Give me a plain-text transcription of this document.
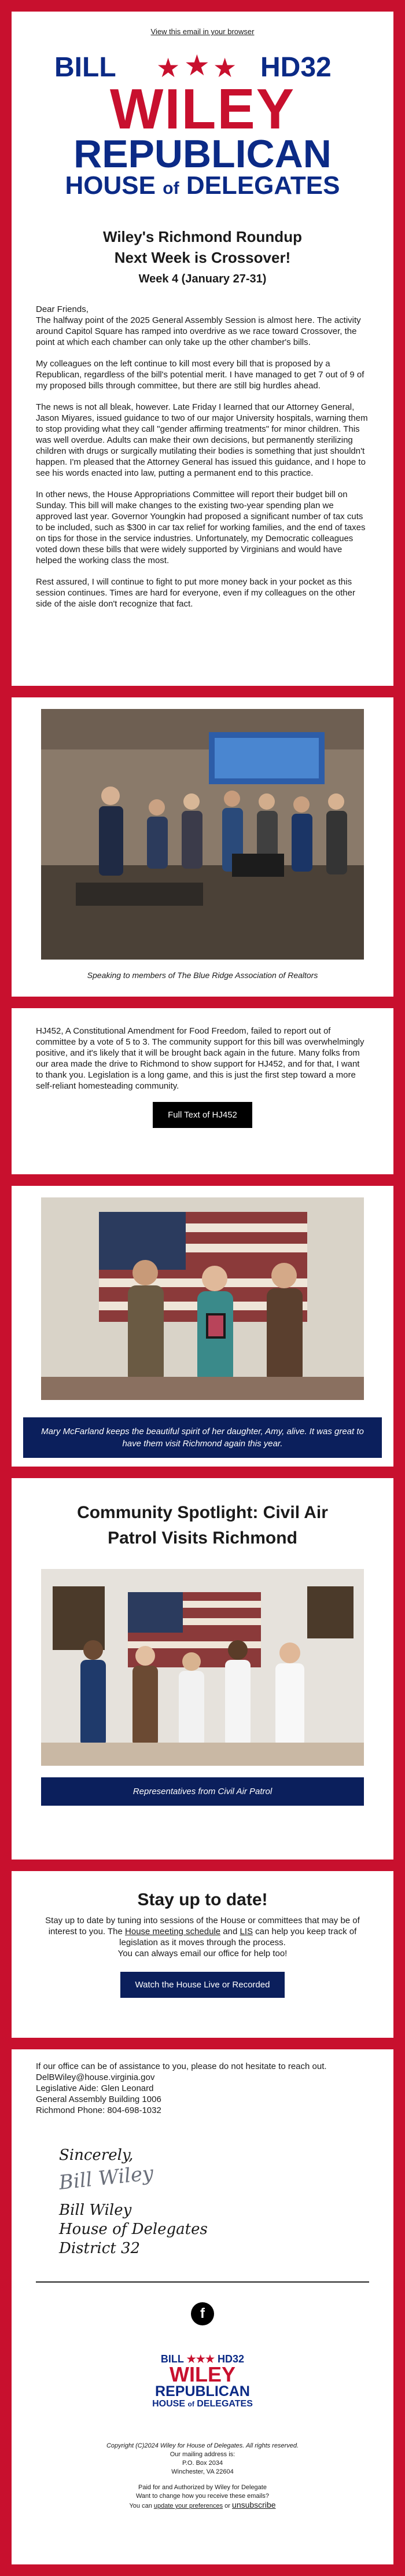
View this email in your browser
BILL ★ ★ ★ HD32
WILEY
REPUBLICAN
HOUSE of DELEGATES
Wiley's Richmond Roundup
Next Week is Crossover!
Week 4 (January 27-31)

Dear Friends,

The halfway point of the 2025 General Assembly Session is almost here. The activity around Capitol Square has ramped into overdrive as we race toward Crossover, the point at which each chamber can only take up the other chamber's bills.

My colleagues on the left continue to kill most every bill that is proposed by a Republican, regardless of the bill's potential merit. I have managed to get 7 out of 9 of my proposed bills through committee, but there are still big hurdles ahead.

The news is not all bleak, however. Late Friday I learned that our Attorney General, Jason Miyares, issued guidance to two of our major University hospitals, warning them to stop providing what they call "gender affirming treatments" for minor children. This was well overdue. Adults can make their own decisions, but permanently sterilizing children with drugs or surgically mutilating their bodies is something that just shouldn't happen. I'm pleased that the Attorney General has issued this guidance, and I hope to see his words enacted into law, putting a permanent end to this practice.

In other news, the House Appropriations Committee will report their budget bill on Sunday. This bill will make changes to the existing two-year spending plan we approved last year. Governor Youngkin had proposed a significant number of tax cuts to be included, such as $300 in car tax relief for working families, and the end of taxes on tips for those in the service industries. Unfortunately, my Democratic colleagues voted down these bills that were widely supported by Virginians and would have helped the working class the most.

Rest assured, I will continue to fight to put more money back in your pocket as this session continues. Times are hard for everyone, even if my colleagues on the other side of the aisle don't recognize that fact.

Speaking to members of The Blue Ridge Association of Realtors

HJ452, A Constitutional Amendment for Food Freedom, failed to report out of committee by a vote of 5 to 3. The community support for this bill was overwhelmingly positive, and it's likely that it will be brought back again in the future. Many folks from our area made the drive to Richmond to show support for HJ452, and for that, I want to thank you. Legislation is a long game, and this is just the first step toward a more self-reliant homesteading community.

Full Text of HJ452
Mary McFarland keeps the beautiful spirit of her daughter, Amy, alive. It was great to have them visit Richmond again this year.
Community Spotlight: Civil Air Patrol Visits Richmond
Representatives from Civil Air Patrol
Stay up to date!
Stay up to date by tuning into sessions of the House or committees that may be of interest to you. The House meeting schedule and LIS can help you keep track of legislation as it moves through the process.
You can always email our office for help too!
Watch the House Live or Recorded
If our office can be of assistance to you, please do not hesitate to reach out.
DelBWiley@house.virginia.gov
Legislative Aide: Glen Leonard
General Assembly Building 1006
Richmond Phone: 804-698-1032
Sincerely,
Bill Wiley
Bill Wiley
House of Delegates
District 32
f
BILL ★★★ HD32
WILEY
REPUBLICAN
HOUSE of DELEGATES
Copyright (C)2024 Wiley for House of Delegates. All rights reserved.
Our mailing address is:
P.O. Box 2034
Winchester, VA 22604
Paid for and Authorized by Wiley for Delegate
Want to change how you receive these emails?
You can update your preferences or unsubscribe
